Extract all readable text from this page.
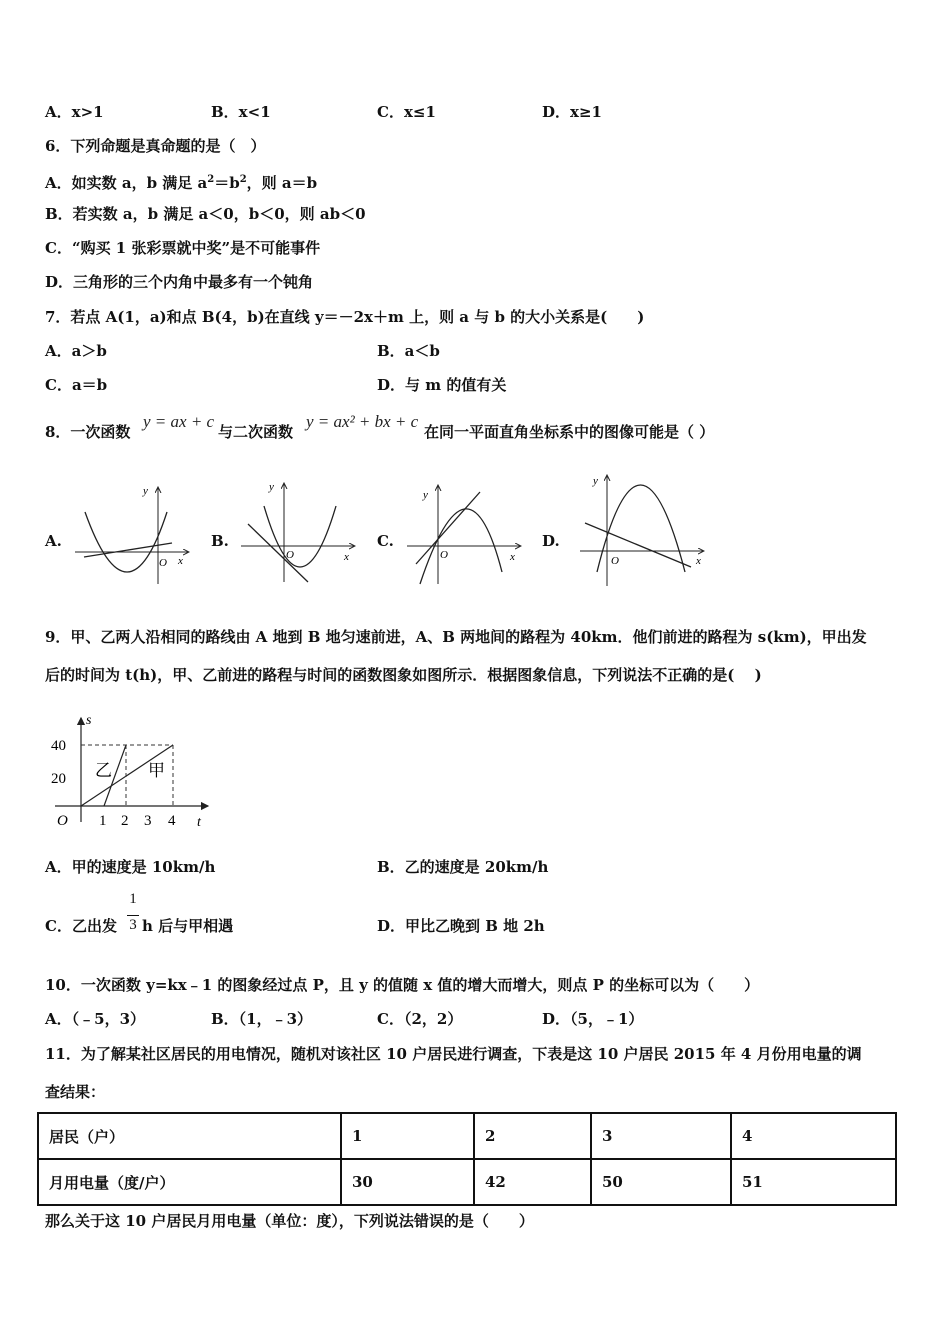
A．x>1	B．x<1	C．x≤1	D．x≥1
6．下列命题是真命题的是（　）
A．如实数 a，b 满足 $a^2=b^2$，则 a＝b
B．若实数 a，b 满足 a＜0，b＜0，则 ab＜0
C．“购买 1 张彩票就中奖”是不可能事件
D．三角形的三个内角中最多有一个钝角
7．若点 A(1，a)和点 B(4，b)在直线 y＝－2x＋m 上，则 a 与 b 的大小关系是(　　)
A．a＞b	B．a＜b
C．a＝b	D．与 m 的值有关
8．一次函数
y = ax + c
与二次函数
y = ax² + bx + c
在同一平面直角坐标系中的图像可能是（ ）
A.	B.	C.	D.
y
x
O
y
x
O
y
x
O
y
x
O
9．甲、乙两人沿相同的路线由 A 地到 B 地匀速前进，A、B 两地间的路程为 40km．他们前进的路程为 s(km)，甲出发
后的时间为 t(h)，甲、乙前进的路程与时间的函数图象如图所示．根据图象信息，下列说法不正确的是(　 )
s
t
O
40
20
1 2 3 4
乙 甲
A．甲的速度是 10km/h	B．乙的速度是 20km/h
C．乙出发
1
3 h 后与甲相遇	D．甲比乙晚到 B 地 2h
10．一次函数 y=kx﹣1 的图象经过点 P，且 y 的值随 x 值的增大而增大，则点 P 的坐标可以为（　　）
A．（﹣5，3）	B．（1，﹣3）	C．（2，2）	D．（5，﹣1）
11．为了解某社区居民的用电情况，随机对该社区 10 户居民进行调查，下表是这 10 户居民 2015 年 4 月份用电量的调
查结果：
居民（户）	1	2	3	4
月用电量（度/户）	30	42	50	51
那么关于这 10 户居民月用电量（单位：度），下列说法错误的是（　　）
